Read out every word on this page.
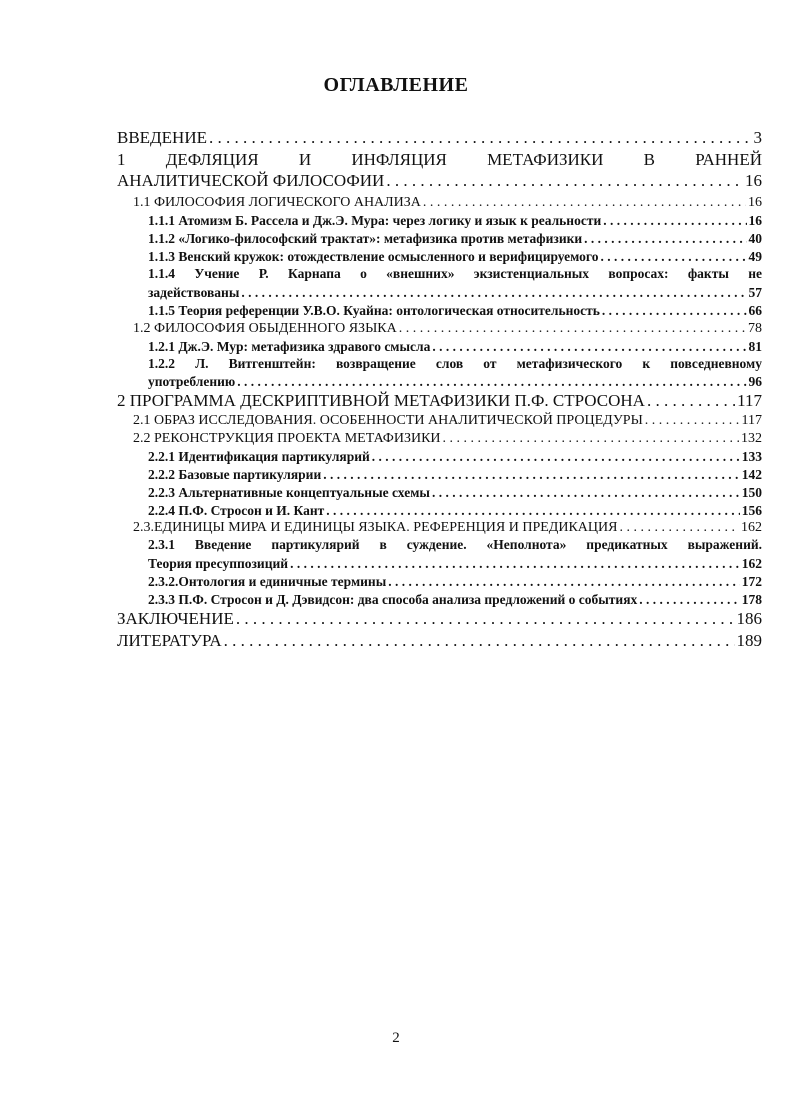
ОГЛАВЛЕНИЕ
ВВЕДЕНИЕ . . .	3
1 ДЕФЛЯЦИЯ И ИНФЛЯЦИЯ МЕТАФИЗИКИ В РАННЕЙ
АНАЛИТИЧЕСКОЙ ФИЛОСОФИИ . . .	16
1.1 ФИЛОСОФИЯ ЛОГИЧЕСКОГО АНАЛИЗА . . .	16
1.1.1 Атомизм Б. Рассела и Дж.Э. Мура: через логику и язык к реальности . . .	16
1.1.2 «Логико-философский трактат»: метафизика против метафизики . . .	40
1.1.3 Венский кружок: отождествление осмысленного и верифицируемого . . .	49
1.1.4 Учение Р. Карнапа о «внешних» экзистенциальных вопросах: факты не
задействованы . . .	57
1.1.5 Теория референции У.В.О. Куайна: онтологическая относительность . . .	66
1.2 ФИЛОСОФИЯ ОБЫДЕННОГО ЯЗЫКА . . .	78
1.2.1 Дж.Э. Мур: метафизика здравого смысла . . .	81
1.2.2 Л. Витгенштейн: возвращение слов от метафизического к повседневному
употреблению . . .	96
2 ПРОГРАММА ДЕСКРИПТИВНОЙ МЕТАФИЗИКИ П.Ф. СТРОСОНА . . .	117
2.1 ОБРАЗ ИССЛЕДОВАНИЯ. ОСОБЕННОСТИ АНАЛИТИЧЕСКОЙ ПРОЦЕДУРЫ . . .	117
2.2 РЕКОНСТРУКЦИЯ ПРОЕКТА МЕТАФИЗИКИ . . .	132
2.2.1 Идентификация партикулярий . . .	133
2.2.2 Базовые партикулярии . . .	142
2.2.3 Альтернативные концептуальные схемы . . .	150
2.2.4 П.Ф. Стросон и И. Кант . . .	156
2.3.ЕДИНИЦЫ МИРА И ЕДИНИЦЫ ЯЗЫКА. РЕФЕРЕНЦИЯ И ПРЕДИКАЦИЯ . . .	162
2.3.1 Введение партикулярий в суждение. «Неполнота» предикатных выражений.
Теория пресуппозиций . . .	162
2.3.2.Онтология и единичные термины . . .	172
2.3.3 П.Ф. Стросон и Д. Дэвидсон: два способа анализа предложений о событиях . . .	178
ЗАКЛЮЧЕНИЕ . . .	186
ЛИТЕРАТУРА . . .	189
2
